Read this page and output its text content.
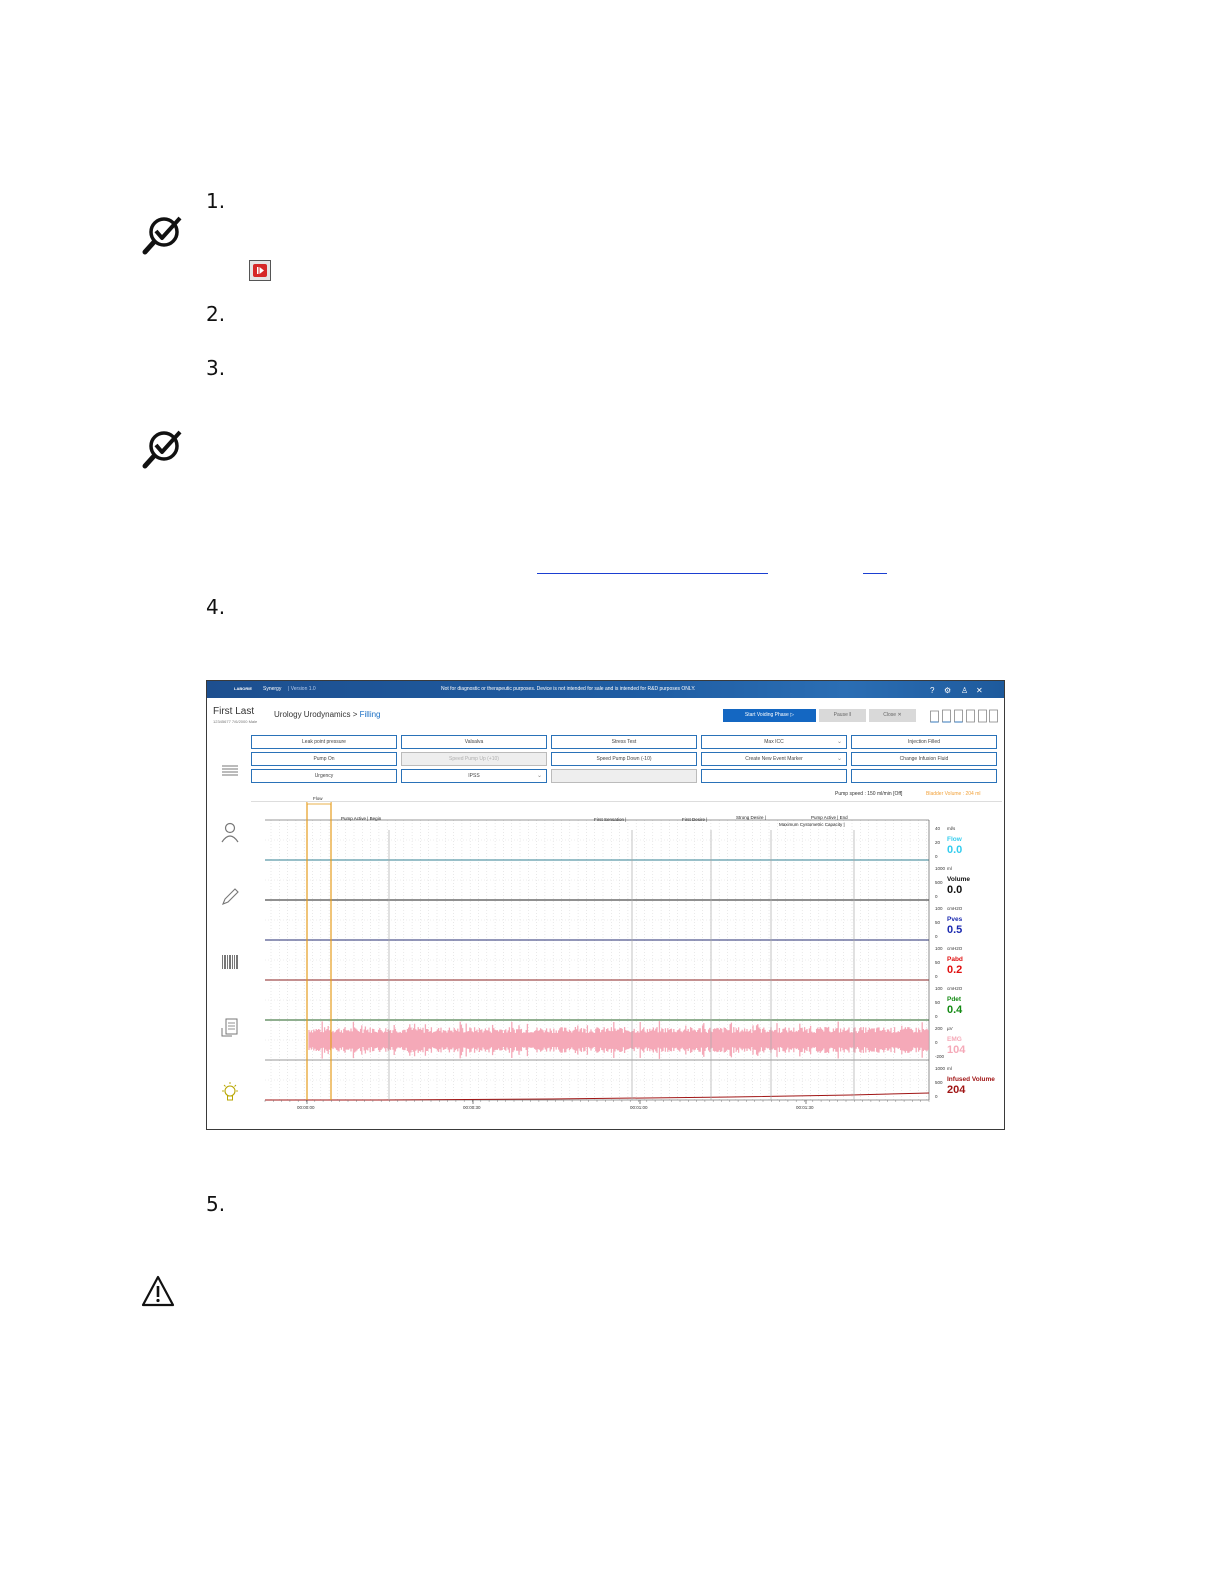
1.
2.
3.
4.
5.
LABORIE Synergy | Version 1.0	Not for diagnostic or therapeutic purposes. Device is not intended for sale and is intended for R&D purposes ONLY.	? ⚙ ♙ ✕
First Last
12345677 7/6/2000 Male
Urology Urodynamics > Filling	Start Voiding Phase ▷	Pause ‖	Close ✕
Leak point pressure	Valsalva	Stress Test	Max ICC	⌄	Injection Filled
Pump On	Speed Pump Up (+10)	Speed Pump Down (-10)	Create New Event Marker	⌄	Change Infusion Fluid
Urgency	IPSS	⌄
Pump speed : 150 ml/min [Off]	Bladder Volume : 204 ml
40
20
0
ml/s
Flow
0.0
1000
500
0
ml
Volume
0.0
100
50
0
cmH2O
Pves
0.5
100
50
0
cmH2O
Pabd
0.2
100
50
0
cmH2O
Pdet
0.4
200
0
-200
µV
EMG
104
1000
500
0
ml
Infused Volume
204
Flow
Pump Active | Begin	First Sensation |	First Desire |	Strong Desire |	Pump Active | End
Maximum Cystometric Capacity |
00:00:00	00:00:30	00:01:00	00:01:30
